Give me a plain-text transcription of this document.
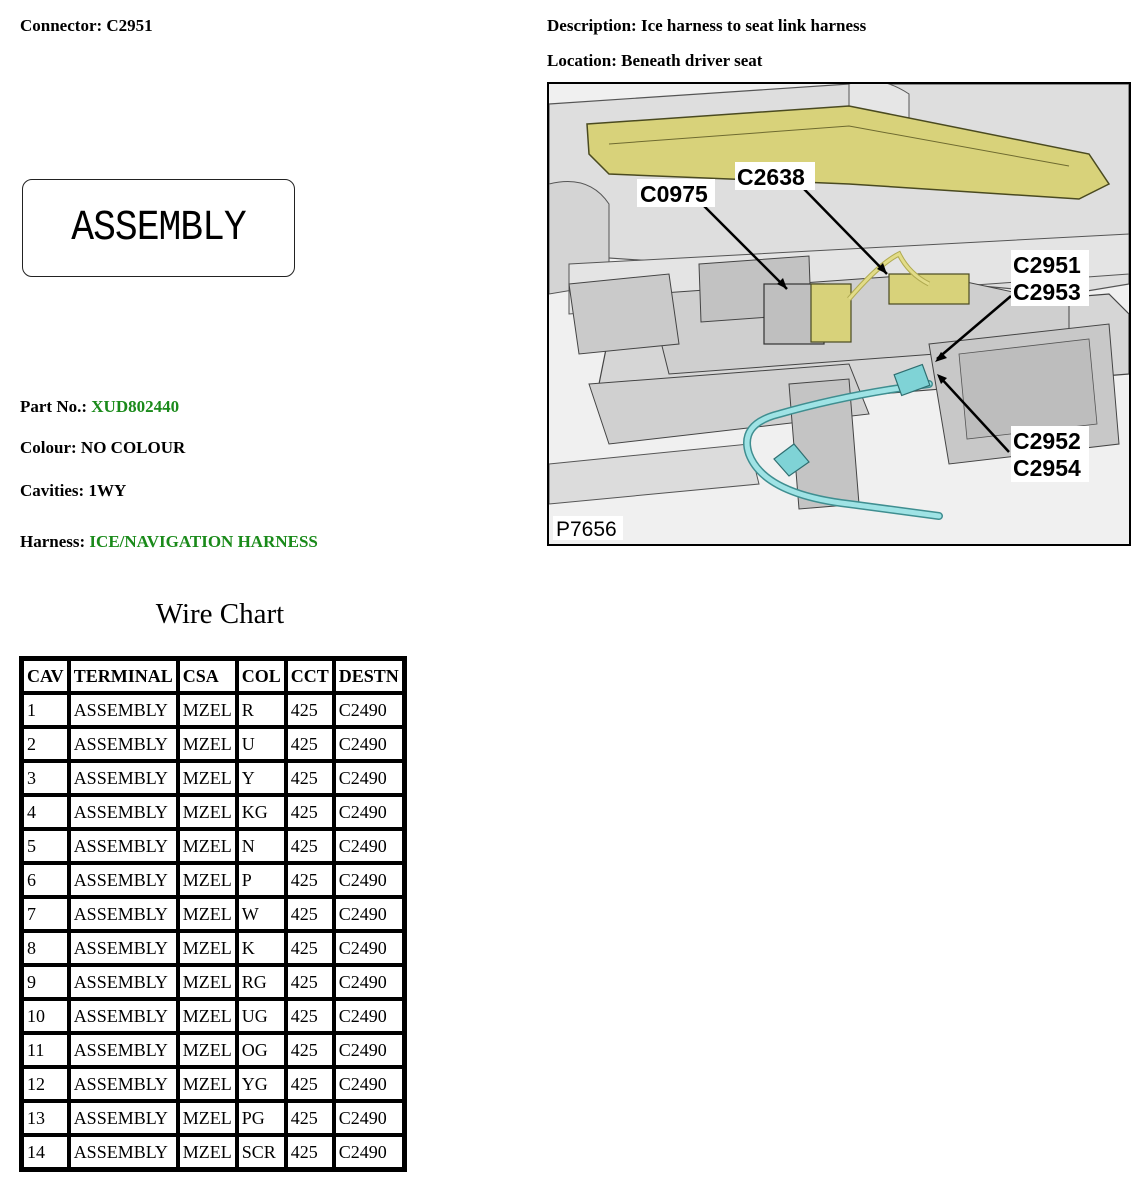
Connector: C2951	Description: Ice harness to seat link harness
Location: Beneath driver seat
ASSEMBLY
Part No.: XUD802440
Colour: NO COLOUR
Cavities: 1WY
Harness: ICE/NAVIGATION HARNESS
C0975
C2638
C2951
C2953
C2952
C2954
P7656
Wire Chart
CAV	TERMINAL	CSA	COL	CCT	DESTN
1	ASSEMBLY	MZEL	R	425	C2490
2	ASSEMBLY	MZEL	U	425	C2490
3	ASSEMBLY	MZEL	Y	425	C2490
4	ASSEMBLY	MZEL	KG	425	C2490
5	ASSEMBLY	MZEL	N	425	C2490
6	ASSEMBLY	MZEL	P	425	C2490
7	ASSEMBLY	MZEL	W	425	C2490
8	ASSEMBLY	MZEL	K	425	C2490
9	ASSEMBLY	MZEL	RG	425	C2490
10	ASSEMBLY	MZEL	UG	425	C2490
11	ASSEMBLY	MZEL	OG	425	C2490
12	ASSEMBLY	MZEL	YG	425	C2490
13	ASSEMBLY	MZEL	PG	425	C2490
14	ASSEMBLY	MZEL	SCR	425	C2490
